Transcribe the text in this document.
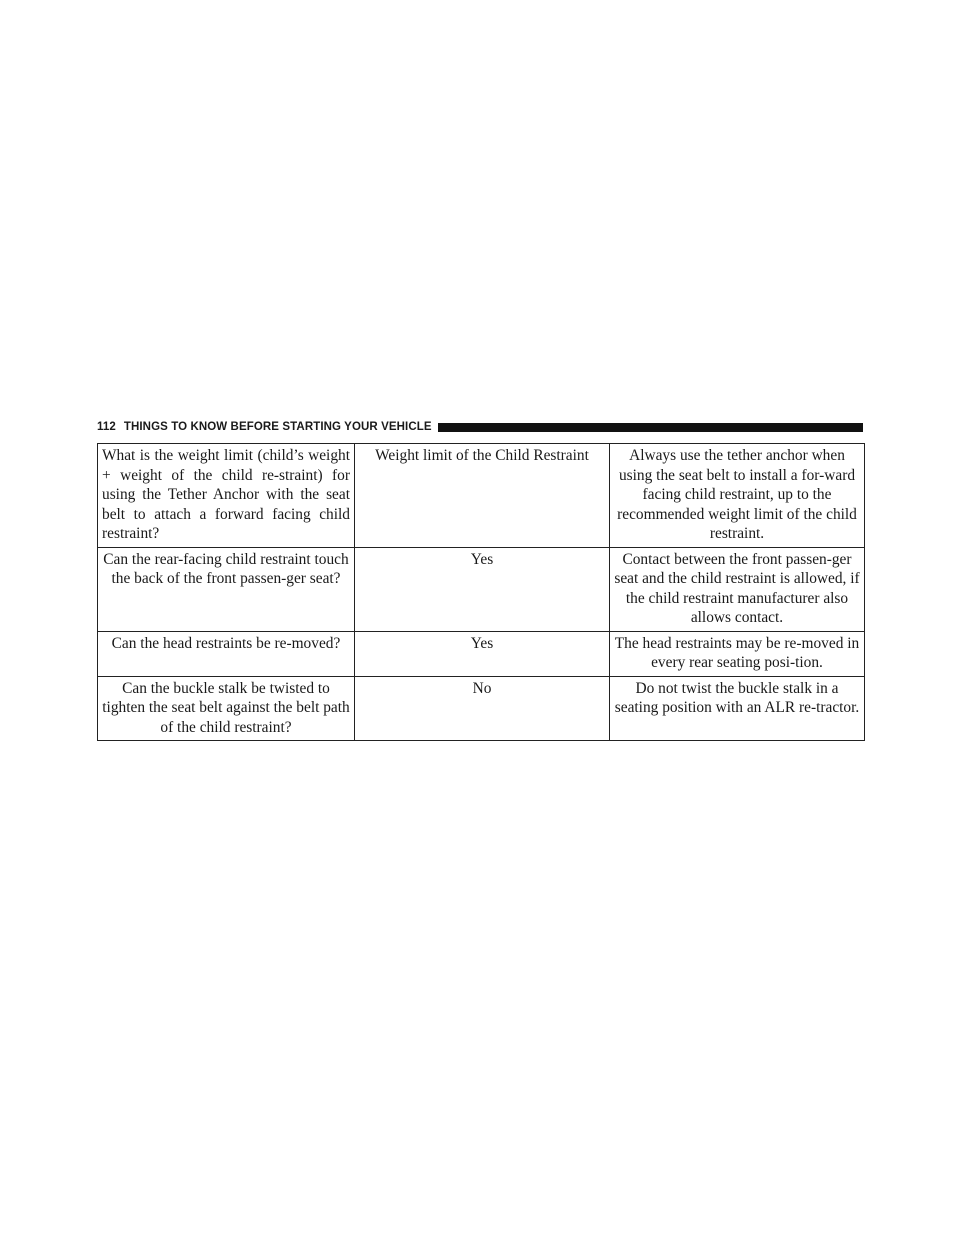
112 THINGS TO KNOW BEFORE STARTING YOUR VEHICLE
What is the weight limit (child’s weight + weight of the child re-straint) for using the Tether Anchor with the seat belt to attach a forward facing child restraint?	Weight limit of the Child Restraint	Always use the tether anchor when using the seat belt to install a for-ward facing child restraint, up to the recommended weight limit of the child restraint.
Can the rear-facing child restraint touch the back of the front passen-ger seat?	Yes	Contact between the front passen-ger seat and the child restraint is allowed, if the child restraint manufacturer also allows contact.
Can the head restraints be re-moved?	Yes	The head restraints may be re-moved in every rear seating posi-tion.
Can the buckle stalk be twisted to tighten the seat belt against the belt path of the child restraint?	No	Do not twist the buckle stalk in a seating position with an ALR re-tractor.
